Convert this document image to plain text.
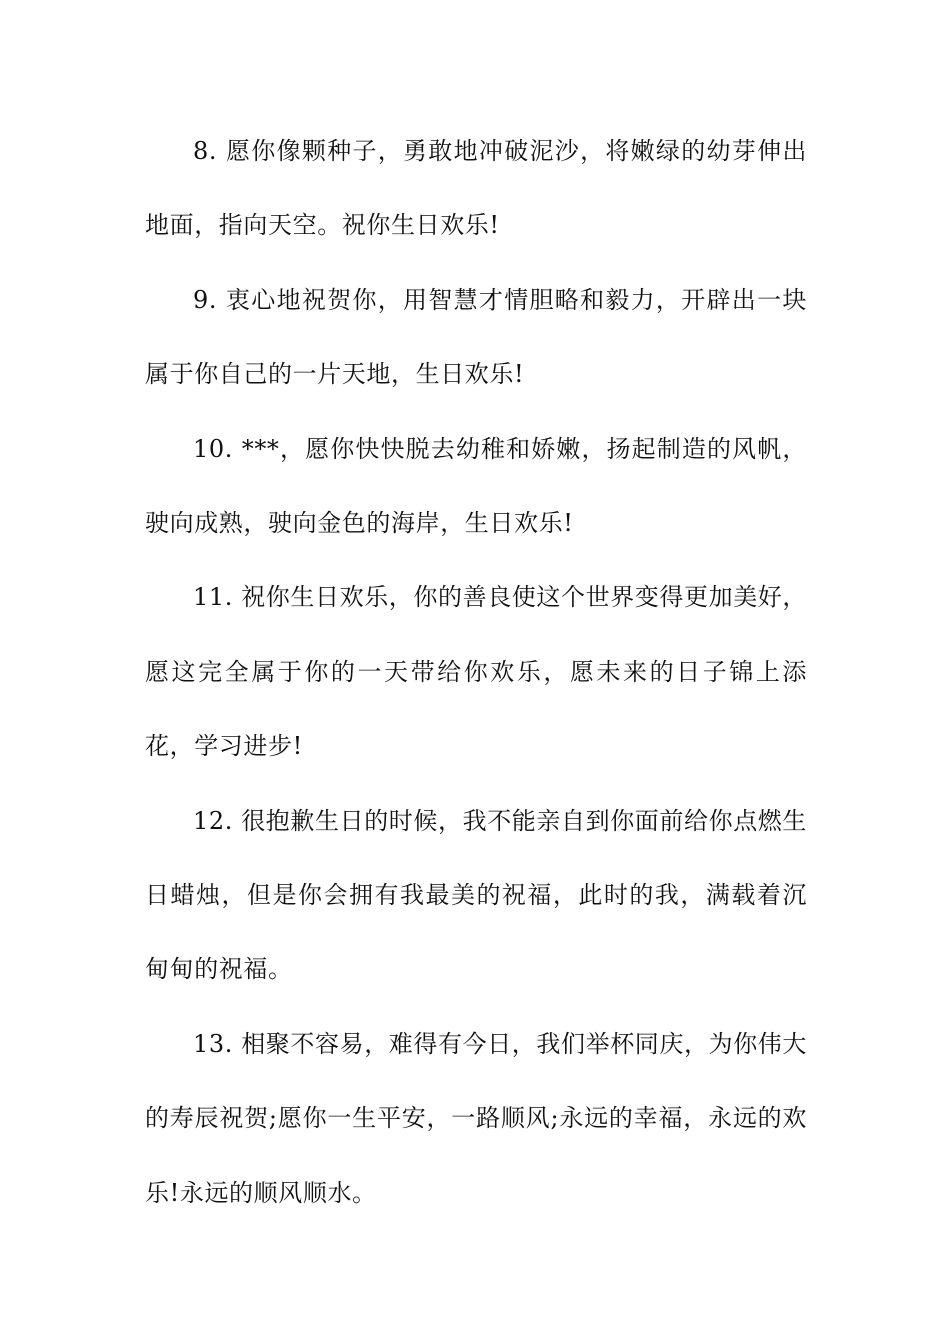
8. 愿你像颗种子，勇敢地冲破泥沙，将嫩绿的幼芽伸出地面，指向天空。祝你生日欢乐!

9. 衷心地祝贺你，用智慧才情胆略和毅力，开辟出一块属于你自己的一片天地，生日欢乐!

10. ***，愿你快快脱去幼稚和娇嫩，扬起制造的风帆，驶向成熟，驶向金色的海岸，生日欢乐!

11. 祝你生日欢乐，你的善良使这个世界变得更加美好，愿这完全属于你的一天带给你欢乐，愿未来的日子锦上添花，学习进步!

12. 很抱歉生日的时候，我不能亲自到你面前给你点燃生日蜡烛，但是你会拥有我最美的祝福，此时的我，满载着沉甸甸的祝福。

13. 相聚不容易，难得有今日，我们举杯同庆，为你伟大的寿辰祝贺;愿你一生平安，一路顺风;永远的幸福，永远的欢乐!永远的顺风顺水。
